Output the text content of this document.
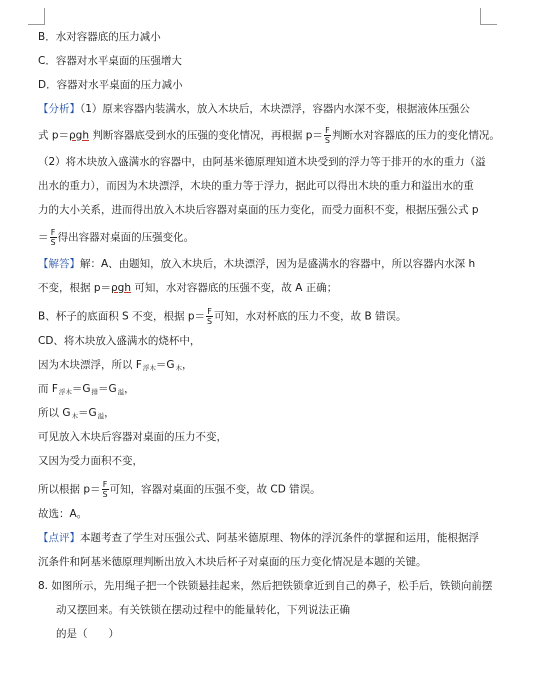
B．水对容器底的压力减小
C．容器对水平桌面的压强增大
D．容器对水平桌面的压力减小
【分析】（1）原来容器内装满水，放入木块后，木块漂浮，容器内水深不变，根据液体压强公
式 p＝ρgh 判断容器底受到水的压强的变化情况，再根据 $p= \frac{F}{S}$ 判断水对容器底的压力的变化情况。
（2）将木块放入盛满水的容器中，由阿基米德原理知道木块受到的浮力等于排开的水的重力（溢
出水的重力），而因为木块漂浮，木块的重力等于浮力，据此可以得出木块的重力和溢出水的重
力的大小关系，进而得出放入木块后容器对桌面的压力变化，而受力面积不变，根据压强公式 p
＝ $\frac{F}{S}$ 得出容器对桌面的压强变化。
【解答】解：A、由题知，放入木块后，木块漂浮，因为是盛满水的容器中，所以容器内水深 h
不变，根据 p＝ρgh 可知，水对容器底的压强不变，故 A 正确；
B、杯子的底面积 S 不变，根据 $p= \frac{F}{S}$ 可知，水对杯底的压力不变，故 B 错误。
CD、将木块放入盛满水的烧杯中，
因为木块漂浮，所以 F浮木＝G木，
而 F浮木＝G排＝G溢，
所以 G木＝G溢，
可见放入木块后容器对桌面的压力不变，
又因为受力面积不变，
所以根据 $p= \frac{F}{S}$ 可知，容器对桌面的压强不变，故 CD 错误。
故选：A。
【点评】本题考查了学生对压强公式、阿基米德原理、物体的浮沉条件的掌握和运用，能根据浮
沉条件和阿基米德原理判断出放入木块后杯子对桌面的压力变化情况是本题的关键。
8. 如图所示，先用绳子把一个铁锁悬挂起来，然后把铁锁拿近到自己的鼻子，松手后，铁锁向前摆
动又摆回来。有关铁锁在摆动过程中的能量转化，下列说法正确
的是（　　）
